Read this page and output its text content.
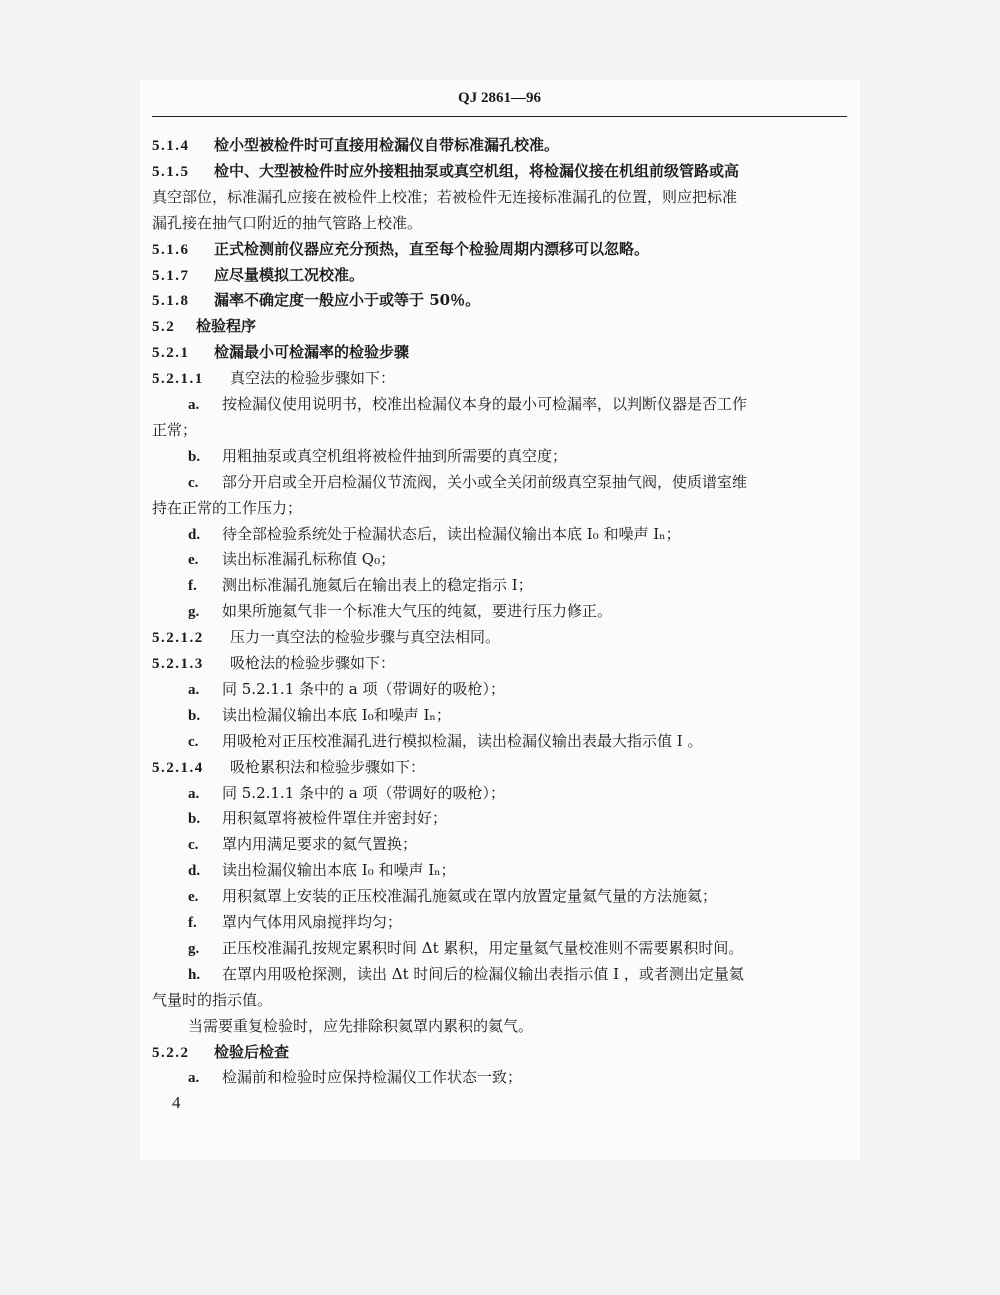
QJ 2861—96
5.1.4 检小型被检件时可直接用检漏仪自带标准漏孔校准。
5.1.5 检中、大型被检件时应外接粗抽泵或真空机组，将检漏仪接在机组前级管路或高
真空部位，标准漏孔应接在被检件上校准；若被检件无连接标准漏孔的位置，则应把标准
漏孔接在抽气口附近的抽气管路上校准。
5.1.6 正式检测前仪器应充分预热，直至每个检验周期内漂移可以忽略。
5.1.7 应尽量模拟工况校准。
5.1.8 漏率不确定度一般应小于或等于 50％。
5.2 检验程序
5.2.1 检漏最小可检漏率的检验步骤
5.2.1.1 真空法的检验步骤如下：
a. 按检漏仪使用说明书，校准出检漏仪本身的最小可检漏率，以判断仪器是否工作
正常；
b. 用粗抽泵或真空机组将被检件抽到所需要的真空度；
c. 部分开启或全开启检漏仪节流阀，关小或全关闭前级真空泵抽气阀，使质谱室维
持在正常的工作压力；
d. 待全部检验系统处于检漏状态后，读出检漏仪输出本底 I₀ 和噪声 Iₙ；
e. 读出标准漏孔标称值 Q₀；
f. 测出标准漏孔施氦后在输出表上的稳定指示 I；
g. 如果所施氦气非一个标准大气压的纯氦，要进行压力修正。
5.2.1.2 压力一真空法的检验步骤与真空法相同。
5.2.1.3 吸枪法的检验步骤如下：
a. 同 5.2.1.1 条中的 a 项（带调好的吸枪）；
b. 读出检漏仪输出本底 I₀和噪声 Iₙ；
c. 用吸枪对正压校准漏孔进行模拟检漏，读出检漏仪输出表最大指示值 I 。
5.2.1.4 吸枪累积法和检验步骤如下：
a. 同 5.2.1.1 条中的 a 项（带调好的吸枪）；
b. 用积氦罩将被检件罩住并密封好；
c. 罩内用满足要求的氦气置换；
d. 读出检漏仪输出本底 I₀ 和噪声 Iₙ；
e. 用积氦罩上安装的正压校准漏孔施氦或在罩内放置定量氦气量的方法施氦；
f. 罩内气体用风扇搅拌均匀；
g. 正压校准漏孔按规定累积时间 Δt 累积，用定量氦气量校准则不需要累积时间。
h. 在罩内用吸枪探测，读出 Δt 时间后的检漏仪输出表指示值 I ，或者测出定量氦
气量时的指示值。
当需要重复检验时，应先排除积氦罩内累积的氦气。
5.2.2 检验后检查
a. 检漏前和检验时应保持检漏仪工作状态一致；
4
